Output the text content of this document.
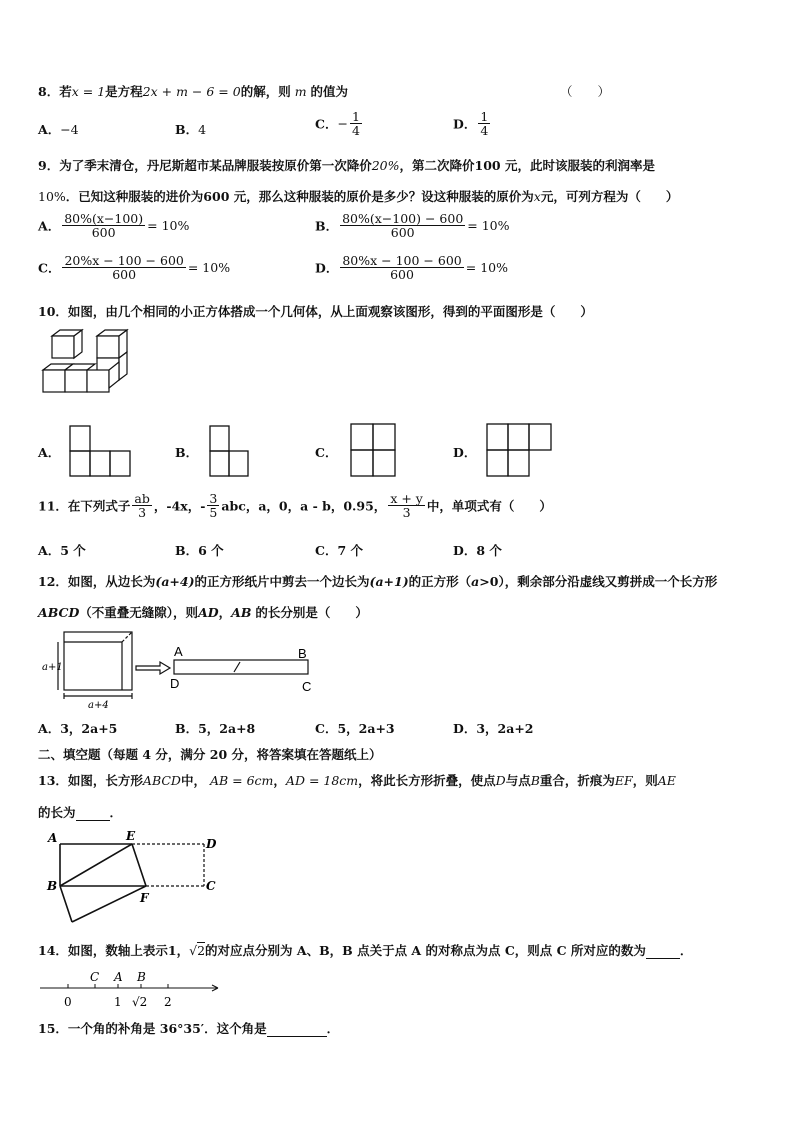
8．若x = 1是方程2x + m − 6 = 0的解，则 m 的值为	（　　）
A．−4	B．4	C．− $\frac{1}{4}$	D． $\frac{1}{4}$
9．为了季末清仓，丹尼斯超市某品牌服装按原价第一次降价20%，第二次降价100 元，此时该服装的利润率是
10%．已知这种服装的进价为600 元，那么这种服装的原价是多少？设这种服装的原价为x元，可列方程为（　　）
A． $\frac{80\%(x-100)}{600} = 10\%$	B． $\frac{80\%(x-100) - 600}{600} = 10\%$
C． $\frac{20\%x - 100 - 600}{600} = 10\%$	D． $\frac{80\%x - 100 - 600}{600} = 10\%$
10．如图，由几个相同的小正方体搭成一个几何体，从上面观察该图形，得到的平面图形是（　　）
A．	B．	C．	D．
11．在下列式子 $\frac{ab}{3}$ ，-4x，- $\frac{3}{5}$ abc，a，0，a - b，0.95， $\frac{x + y}{3}$ 中，单项式有（　　）
A．5 个	B．6 个	C．7 个	D．8 个
12．如图，从边长为(a+4)的正方形纸片中剪去一个边长为(a+1)的正方形（a>0），剩余部分沿虚线又剪拼成一个长方形
ABCD（不重叠无缝隙），则AD，AB 的长分别是（　　）
a+1
a+4
A	B
D	C
A．3，2a+5	B．5，2a+8	C．5，2a+3	D．3，2a+2
二、填空题（每题 4 分，满分 20 分，将答案填在答题纸上）
13．如图，长方形ABCD中， AB = 6cm，AD = 18cm，将此长方形折叠，使点D与点B重合，折痕为EF，则AE
的长为	．
A	E
D
B
F
C
14．如图，数轴上表示1，√2的对应点分别为 A、B，B 点关于点 A 的对称点为点 C，则点 C 所对应的数为	．
C A B
0	1 √2 2
15．一个角的补角是 36°35′．这个角是	．
